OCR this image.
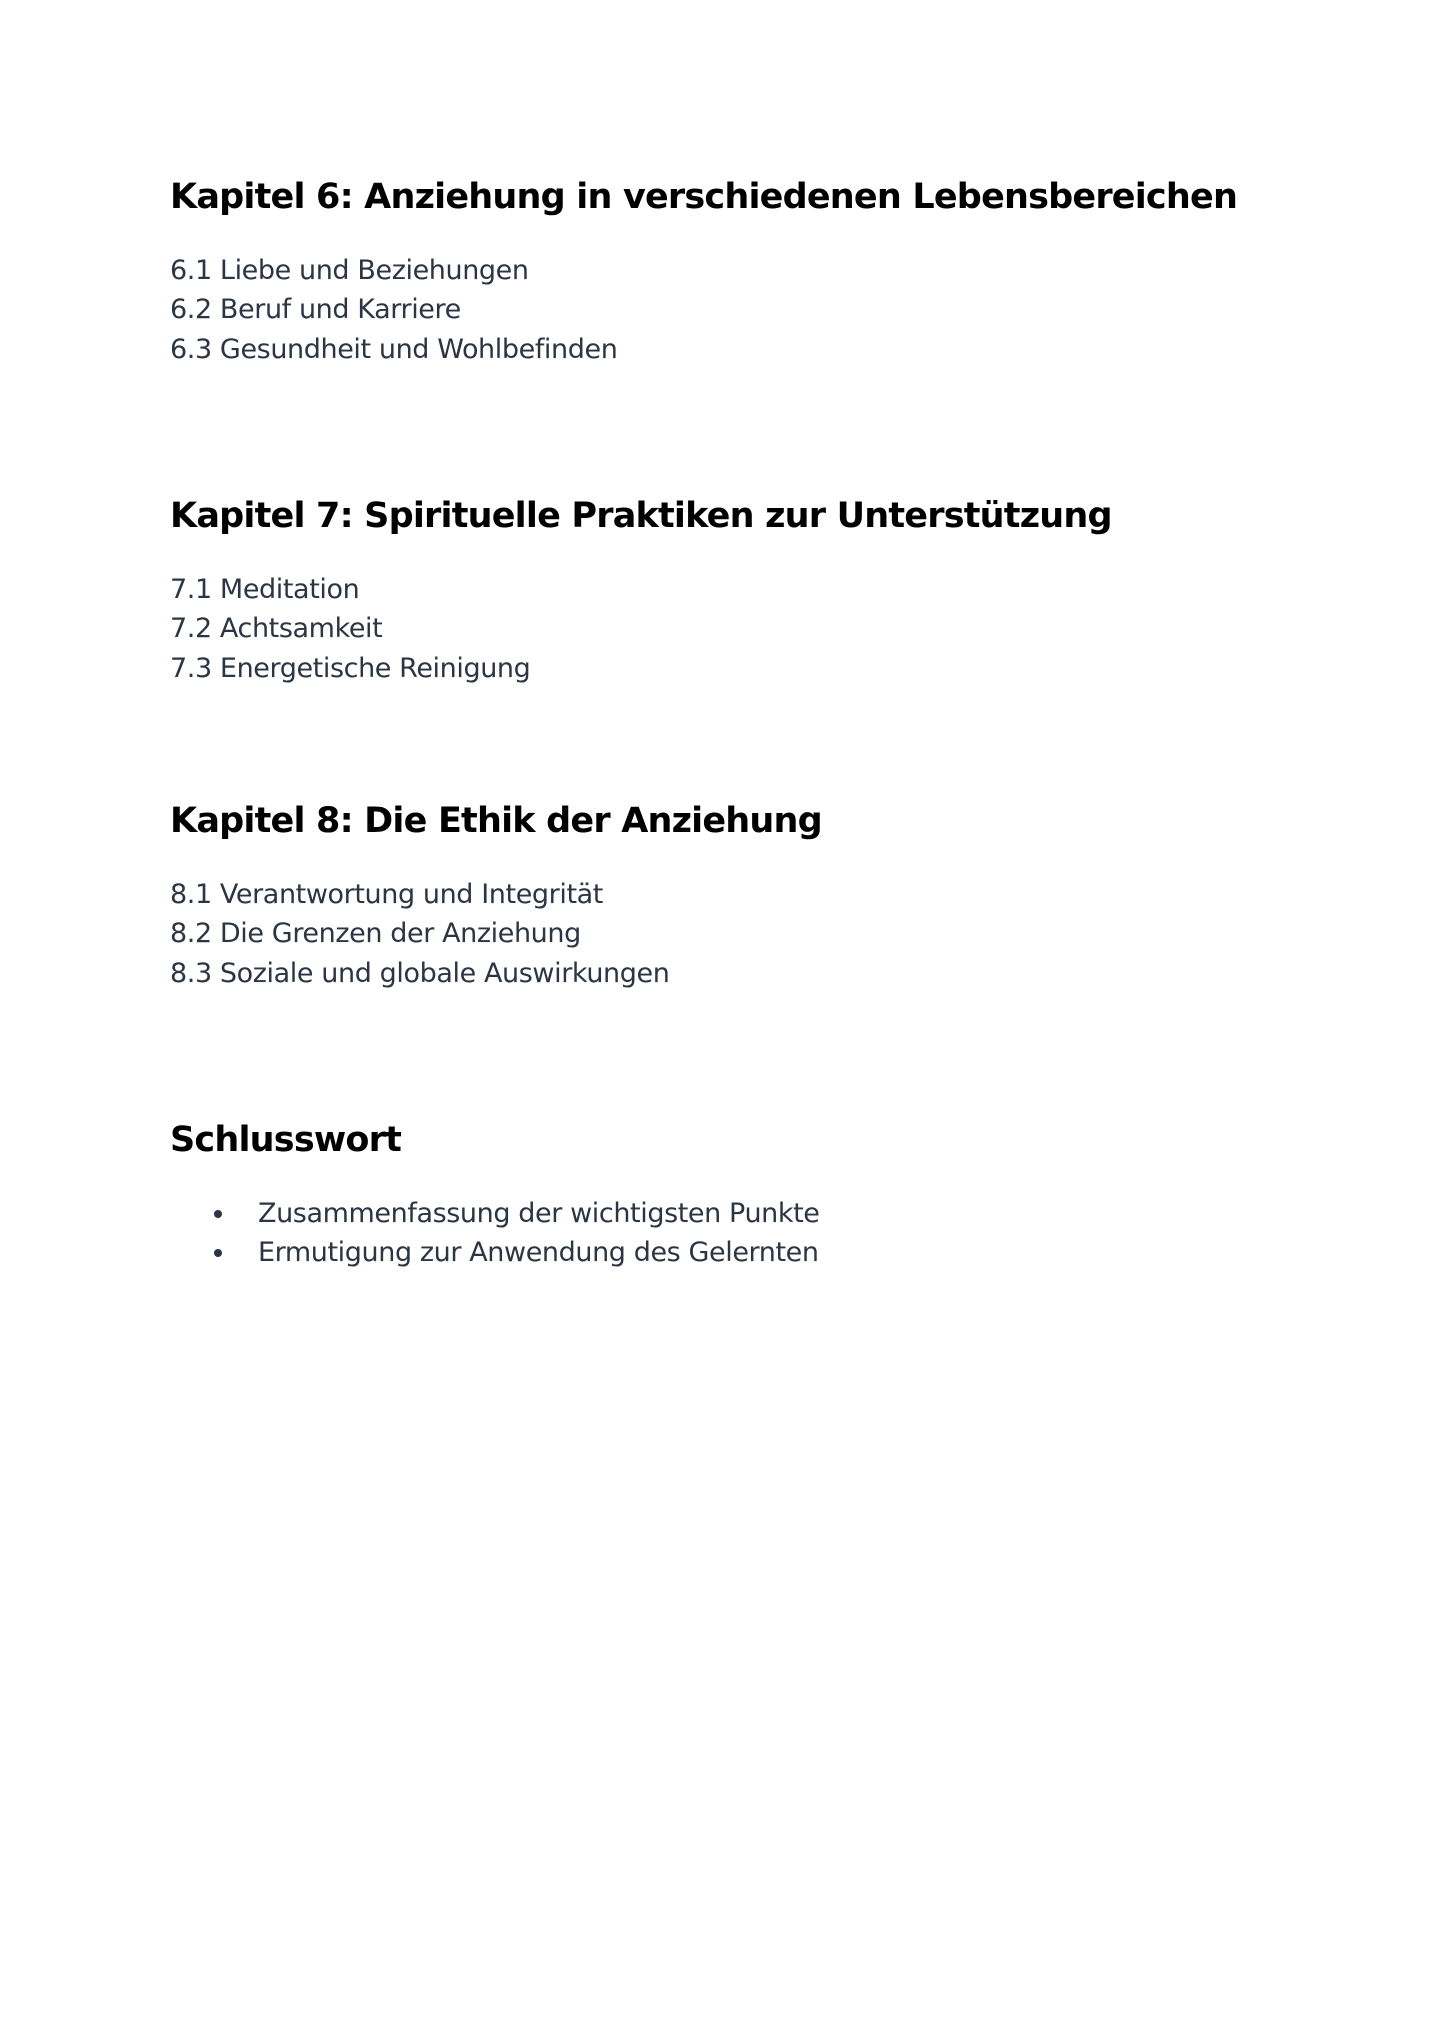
Kapitel 6: Anziehung in verschiedenen Lebensbereichen
6.1 Liebe und Beziehungen
6.2 Beruf und Karriere
6.3 Gesundheit und Wohlbefinden
Kapitel 7: Spirituelle Praktiken zur Unterstützung
7.1 Meditation
7.2 Achtsamkeit
7.3 Energetische Reinigung
Kapitel 8: Die Ethik der Anziehung
8.1 Verantwortung und Integrität
8.2 Die Grenzen der Anziehung
8.3 Soziale und globale Auswirkungen
Schlusswort
Zusammenfassung der wichtigsten Punkte
Ermutigung zur Anwendung des Gelernten
